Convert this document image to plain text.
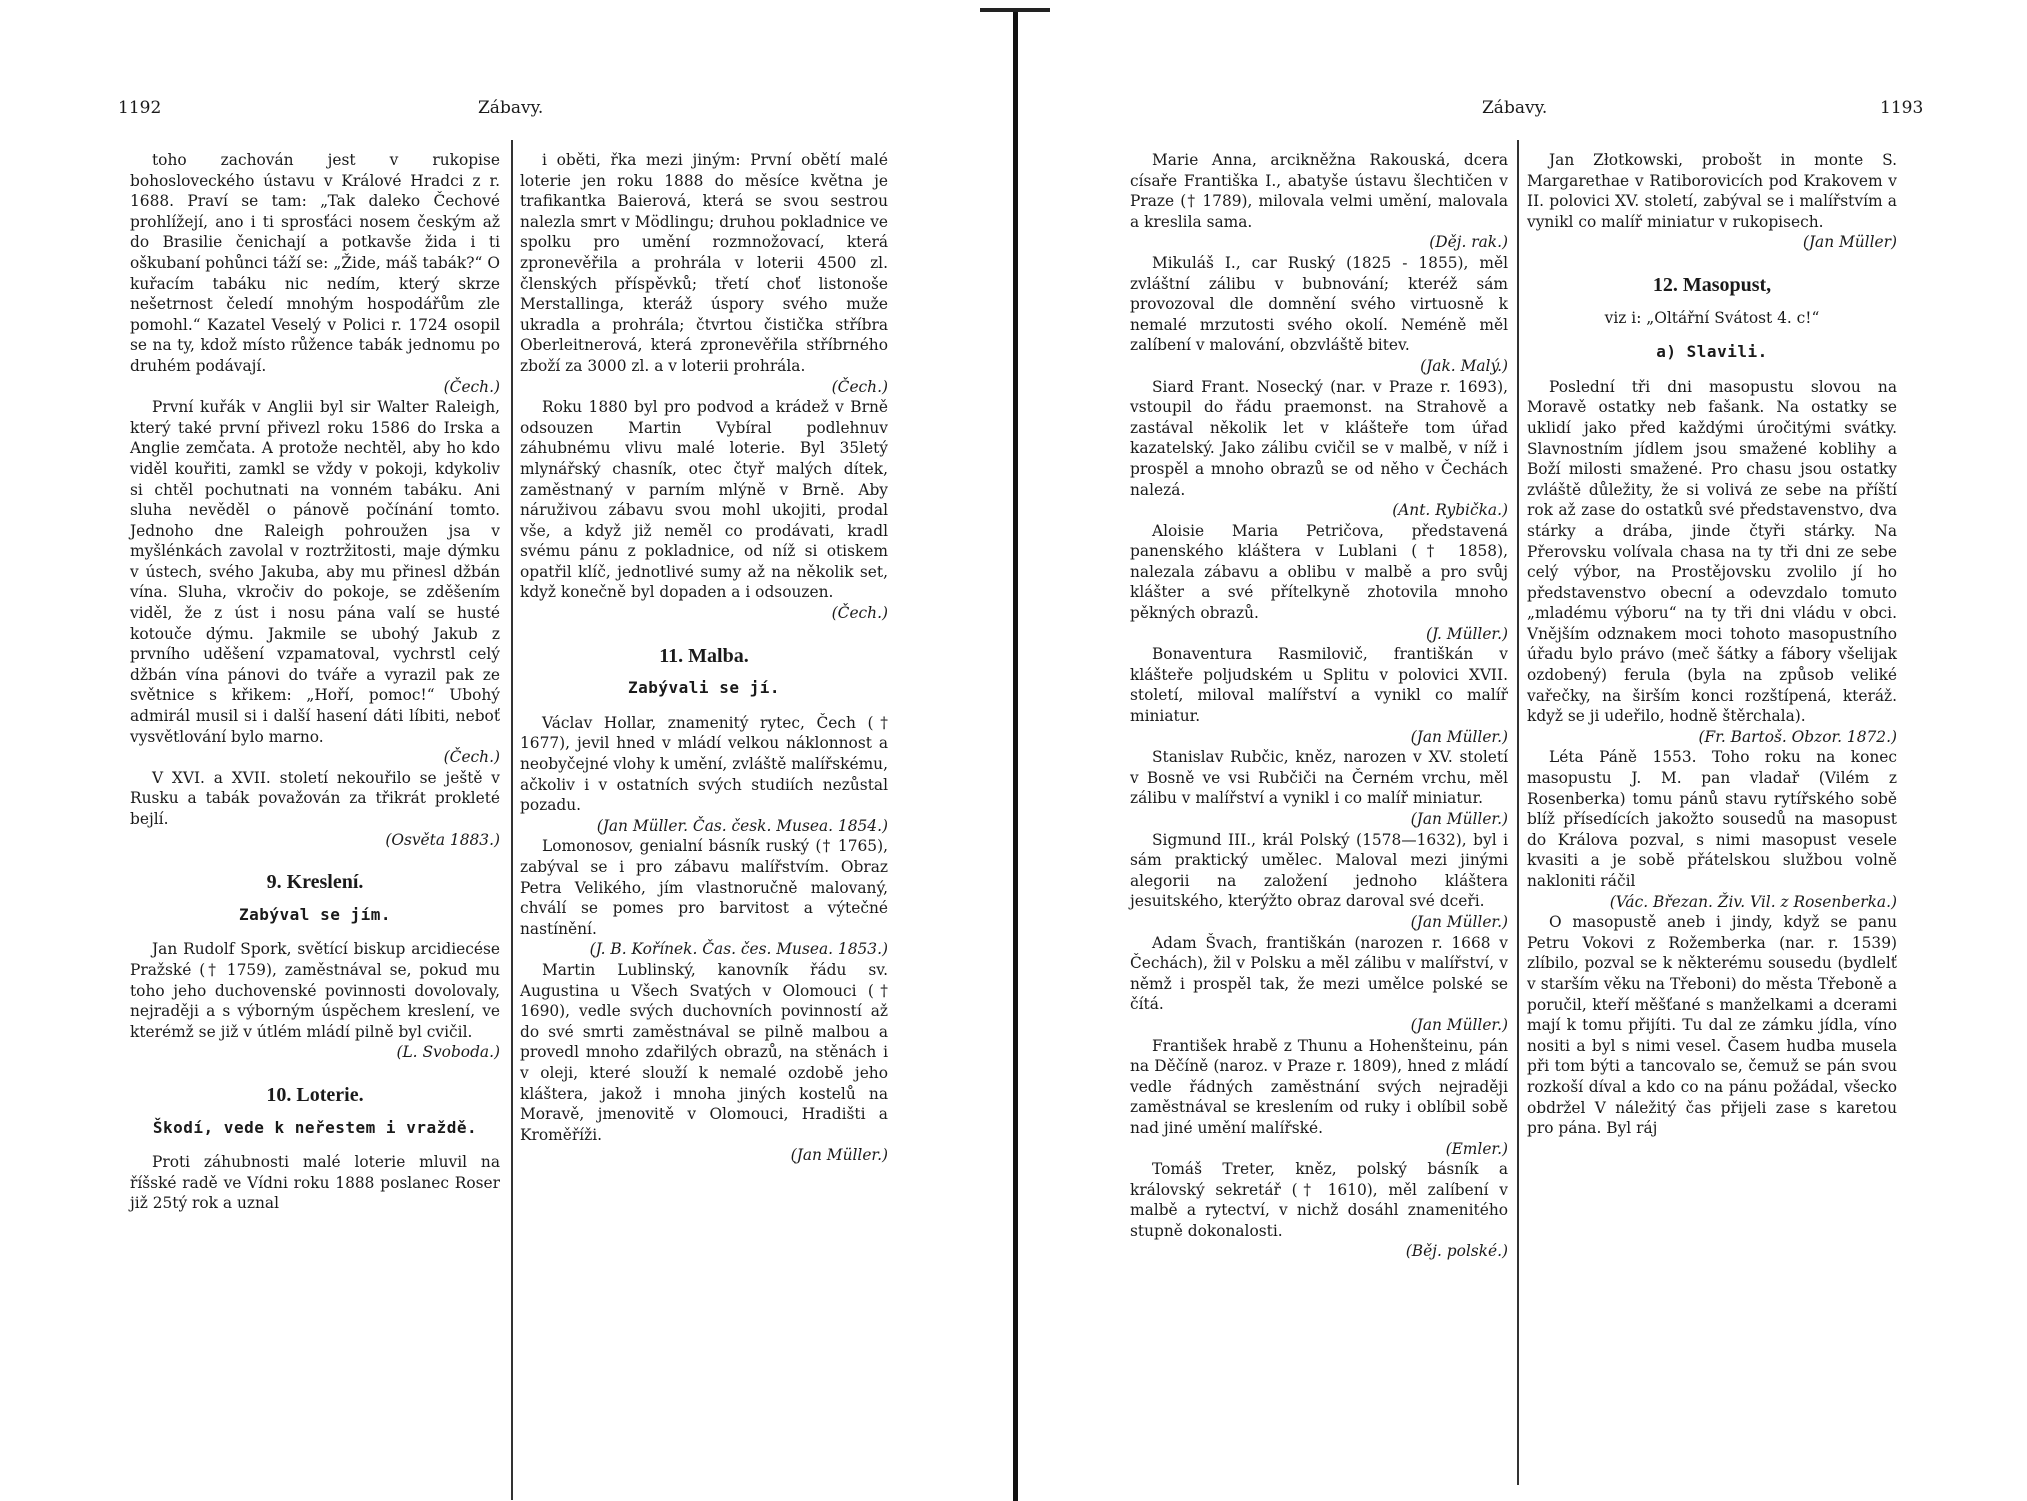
1192	Zábavy.

toho zachován jest v rukopise bohosloveckého ústavu v Králové Hradci z r. 1688. Praví se tam: „Tak daleko Čechové prohlížejí, ano i ti sprosťáci nosem českým až do Brasilie čenichají a potkavše žida i ti oškubaní pohůnci táží se: „Žide, máš tabák?“ O kuřacím tabáku nic nedím, který skrze nešetrnost čeledí mnohým hospodářům zle pomohl.“ Kazatel Veselý v Polici r. 1724 osopil se na ty, kdož místo růžence tabák jednomu po druhém podávají.
(Čech.)

První kuřák v Anglii byl sir Walter Raleigh, který také první přivezl roku 1586 do Irska a Anglie zemčata. A protože nechtěl, aby ho kdo viděl kouřiti, zamkl se vždy v pokoji, kdykoliv si chtěl pochutnati na vonném tabáku. Ani sluha nevěděl o pánově počínání tomto. Jednoho dne Raleigh pohroužen jsa v myšlénkách zavolal v roztržitosti, maje dýmku v ústech, svého Jakuba, aby mu přinesl džbán vína. Sluha, vkročiv do pokoje, se zděšením viděl, že z úst i nosu pána valí se husté kotouče dýmu. Jakmile se ubohý Jakub z prvního uděšení vzpamatoval, vychrstl celý džbán vína pánovi do tváře a vyrazil pak ze světnice s křikem: „Hoří, pomoc!“ Ubohý admirál musil si i další hasení dáti líbiti, neboť vysvětlování bylo marno.
(Čech.)

V XVI. a XVII. století nekouřilo se ještě v Rusku a tabák považován za třikrát prokleté bejlí.
(Osvěta 1883.)

9. Kreslení.
Zabýval se jím.

Jan Rudolf Spork, světící biskup arcidiecése Pražské († 1759), zaměstnával se, pokud mu toho jeho duchovenské povinnosti dovolovaly, nejraději a s výborným úspěchem kreslení, ve kterémž se již v útlém mládí pilně byl cvičil.
(L. Svoboda.)

10. Loterie.
Škodí, vede k neřestem i vraždě.

Proti záhubnosti malé loterie mluvil na říšské radě ve Vídni roku 1888 poslanec Roser již 25tý rok a uznal

i oběti, řka mezi jiným: První obětí malé loterie jen roku 1888 do měsíce května je trafikantka Baierová, která se svou sestrou nalezla smrt v Mödlingu; druhou pokladnice ve spolku pro umění rozmnožovací, která zpronevěřila a prohrála v loterii 4500 zl. členských příspěvků; třetí choť listonoše Merstallinga, kteráž úspory svého muže ukradla a prohrála; čtvrtou čistička stříbra Oberleitnerová, která zpronevěřila stříbrného zboží za 3000 zl. a v loterii prohrála.
(Čech.)

Roku 1880 byl pro podvod a krádež v Brně odsouzen Martin Vybíral podlehnuv záhubnému vlivu malé loterie. Byl 35letý mlynářský chasník, otec čtyř malých dítek, zaměstnaný v parním mlýně v Brně. Aby náruživou zábavu svou mohl ukojiti, prodal vše, a když již neměl co prodávati, kradl svému pánu z pokladnice, od níž si otiskem opatřil klíč, jednotlivé sumy až na několik set, když konečně byl dopaden a i odsouzen.
(Čech.)

11. Malba.
Zabývali se jí.

Václav Hollar, znamenitý rytec, Čech († 1677), jevil hned v mládí velkou náklonnost a neobyčejné vlohy k umění, zvláště malířskému, ačkoliv i v ostatních svých studiích nezůstal pozadu.
(Jan Müller. Čas. česk. Musea. 1854.)

Lomonosov, genialní básník ruský († 1765), zabýval se i pro zábavu malířstvím. Obraz Petra Velikého, jím vlastnoručně malovaný, chválí se pomes pro barvitost a výtečné nastínění.
(J. B. Kořínek. Čas. čes. Musea. 1853.)

Martin Lublinský, kanovník řádu sv. Augustina u Všech Svatých v Olomouci († 1690), vedle svých duchovních povinností až do své smrti zaměstnával se pilně malbou a provedl mnoho zdařilých obrazů, na stěnách i v oleji, které slouží k nemalé ozdobě jeho kláštera, jakož i mnoha jiných kostelů na Moravě, jmenovitě v Olomouci, Hradišti a Kroměříži.
(Jan Müller.)

Zábavy.	1193

Marie Anna, arcikněžna Rakouská, dcera císaře Františka I., abatyše ústavu šlechtičen v Praze († 1789), milovala velmi umění, malovala a kreslila sama.
(Děj. rak.)

Mikuláš I., car Ruský (1825 - 1855), měl zvláštní zálibu v bubnování; kteréž sám provozoval dle domnění svého virtuosně k nemalé mrzutosti svého okolí. Neméně měl zalíbení v malování, obzvláště bitev.
(Jak. Malý.)

Siard Frant. Nosecký (nar. v Praze r. 1693), vstoupil do řádu praemonst. na Strahově a zastával několik let v klášteře tom úřad kazatelský. Jako zálibu cvičil se v malbě, v níž i prospěl a mnoho obrazů se od něho v Čechách nalezá.
(Ant. Rybička.)

Aloisie Maria Petričova, představená panenského kláštera v Lublani († 1858), nalezala zábavu a oblibu v malbě a pro svůj klášter a své přítelkyně zhotovila mnoho pěkných obrazů.
(J. Müller.)

Bonaventura Rasmilovič, františkán v klášteře poljudském u Splitu v polovici XVII. století, miloval malířství a vynikl co malíř miniatur.
(Jan Müller.)

Stanislav Rubčic, kněz, narozen v XV. století v Bosně ve vsi Rubčiči na Černém vrchu, měl zálibu v malířství a vynikl i co malíř miniatur.
(Jan Müller.)

Sigmund III., král Polský (1578—1632), byl i sám praktický umělec. Maloval mezi jinými alegorii na založení jednoho kláštera jesuitského, kterýžto obraz daroval své dceři.
(Jan Müller.)

Adam Švach, františkán (narozen r. 1668 v Čechách), žil v Polsku a měl zálibu v malířství, v němž i prospěl tak, že mezi umělce polské se čítá.
(Jan Müller.)

František hrabě z Thunu a Hohenšteinu, pán na Děčíně (naroz. v Praze r. 1809), hned z mládí vedle řádných zaměstnání svých nejraději zaměstnával se kreslením od ruky i oblíbil sobě nad jiné umění malířské.
(Emler.)

Tomáš Treter, kněz, polský básník a královský sekretář († 1610), měl zalíbení v malbě a rytectví, v nichž dosáhl znamenitého stupně dokonalosti.
(Běj. polské.)

Jan Złotkowski, probošt in monte S. Margarethae v Ratiborovicích pod Krakovem v II. polovici XV. století, zabýval se i malířstvím a vynikl co malíř miniatur v rukopisech.
(Jan Müller)

12. Masopust,

viz i: „Oltářní Svátost 4. c!“

a) Slavili.

Poslední tři dni masopustu slovou na Moravě ostatky neb fašank. Na ostatky se uklidí jako před každými úročitými svátky. Slavnostním jídlem jsou smažené koblihy a Boží milosti smažené. Pro chasu jsou ostatky zvláště důležity, že si volivá ze sebe na příští rok až zase do ostatků své představenstvo, dva stárky a drába, jinde čtyři stárky. Na Přerovsku volívala chasa na ty tři dni ze sebe celý výbor, na Prostějovsku zvolilo jí ho představenstvo obecní a odevzdalo tomuto „mladému výboru“ na ty tři dni vládu v obci. Vnějším odznakem moci tohoto masopustního úřadu bylo právo (meč šátky a fábory všelijak ozdobený) ferula (byla na způsob veliké vařečky, na širším konci rozštípená, kteráž. když se ji udeřilo, hodně štěrchala).
(Fr. Bartoš. Obzor. 1872.)

Léta Páně 1553. Toho roku na konec masopustu J. M. pan vladař (Vilém z Rosenberka) tomu pánů stavu rytířského sobě blíž přísedících jakožto sousedů na masopust do Králova pozval, s nimi masopust vesele kvasiti a je sobě přátelskou službou volně nakloniti ráčil
(Vác. Březan. Živ. Vil. z Rosenberka.)

O masopustě aneb i jindy, když se panu Petru Vokovi z Rožemberka (nar. r. 1539) zlíbilo, pozval se k některému sousedu (bydlelť v starším věku na Třeboni) do města Třeboně a poručil, kteří měšťané s manželkami a dcerami mají k tomu přijíti. Tu dal ze zámku jídla, víno nositi a byl s nimi vesel. Časem hudba musela při tom býti a tancovalo se, čemuž se pán svou rozkoší díval a kdo co na pánu požádal, všecko obdržel V náležitý čas přijeli zase s karetou pro pána. Byl ráj
